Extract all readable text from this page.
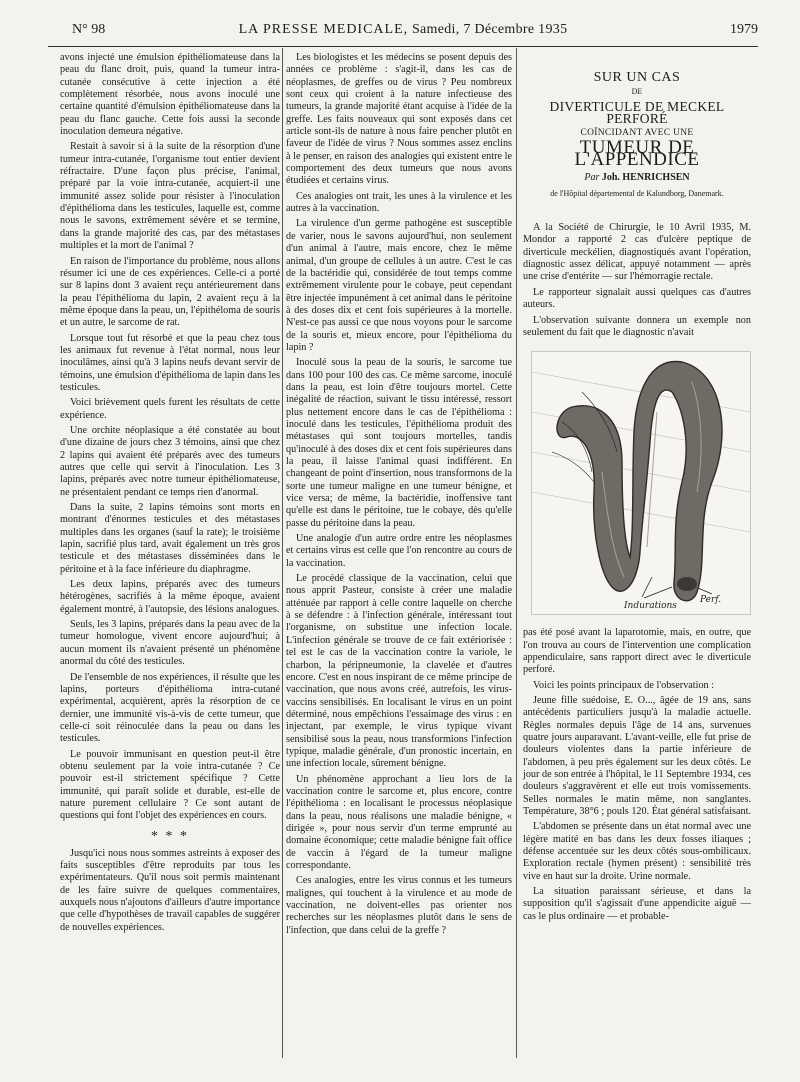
N° 98	LA PRESSE MEDICALE, Samedi, 7 Décembre 1935	1979

avons injecté une émulsion épithéliomateuse dans la peau du flanc droit, puis, quand la tumeur intra-cutanée consécutive à cette injection a été complètement résorbée, nous avons inoculé une certaine quantité d'émulsion épithéliomateuse dans la peau du flanc gauche. Cette fois aussi la seconde inoculation demeura négative.

Restait à savoir si à la suite de la résorption d'une tumeur intra-cutanée, l'organisme tout entier devient réfractaire. D'une façon plus précise, l'animal, préparé par la voie intra-cutanée, acquiert-il une immunité assez solide pour résister à l'inoculation d'épithélioma dans les testicules, laquelle est, comme nous le savons, extrêmement sévère et se termine, dans la grande majorité des cas, par des métastases multiples et la mort de l'animal ?

En raison de l'importance du problème, nous allons résumer ici une de ces expériences. Celle-ci a porté sur 8 lapins dont 3 avaient reçu antérieurement dans la peau l'épithélioma du lapin, 2 avaient reçu à la même époque dans la peau, un, l'épithéloma de souris et un autre, le sarcome de rat.

Lorsque tout fut résorbé et que la peau chez tous les animaux fut revenue à l'état normal, nous leur inoculâmes, ainsi qu'à 3 lapins neufs devant servir de témoins, une émulsion d'épithélioma de lapin dans les testicules.

Voici brièvement quels furent les résultats de cette expérience.

Une orchite néoplasique a été constatée au bout d'une dizaine de jours chez 3 témoins, ainsi que chez 2 lapins qui avaient été préparés avec des tumeurs autres que celle qui servit à l'inoculation. Les 3 lapins, préparés avec notre tumeur épithéliomateuse, ne présentaient pendant ce temps rien d'anormal.

Dans la suite, 2 lapins témoins sont morts en montrant d'énormes testicules et des métastases multiples dans les organes (sauf la rate); le troisième lapin, sacrifié plus tard, avait également un très gros testicule et des métastases disséminées dans le péritoine et à la face inférieure du diaphragme.

Les deux lapins, préparés avec des tumeurs hétérogènes, sacrifiés à la même époque, avaient également montré, à l'autopsie, des lésions analogues.

Seuls, les 3 lapins, préparés dans la peau avec de la tumeur homologue, vivent encore aujourd'hui; à aucun moment ils n'avaient présenté un phénomène anormal du côté des testicules.

De l'ensemble de nos expériences, il résulte que les lapins, porteurs d'épithélioma intra-cutané expérimental, acquièrent, après la résorption de ce dernier, une immunité vis-à-vis de cette tumeur, que celle-ci soit réinoculée dans la peau ou dans les testicules.

Le pouvoir immunisant en question peut-il être obtenu seulement par la voie intra-cutanée ? Ce pouvoir est-il strictement spécifique ? Cette immunité, qui paraît solide et durable, est-elle de nature purement cellulaire ? Ce sont autant de questions qui font l'objet des expériences en cours.

* * *

Jusqu'ici nous nous sommes astreints à exposer des faits susceptibles d'être reproduits par tous les expérimentateurs. Qu'il nous soit permis maintenant de les faire suivre de quelques commentaires, auxquels nous n'ajoutons d'ailleurs d'autre importance que celle d'hypothèses de travail capables de suggérer de nouvelles expériences.

Les biologistes et les médecins se posent depuis des années ce problème : s'agit-il, dans les cas de néoplasmes, de greffes ou de virus ? Peu nombreux sont ceux qui croient à la nature infectieuse des tumeurs, la grande majorité étant acquise à l'idée de la greffe. Les faits nouveaux qui sont exposés dans cet article sont-ils de nature à nous faire pencher plutôt en faveur de l'idée de virus ? Nous sommes assez enclins à le penser, en raison des analogies qui existent entre le comportement des deux tumeurs que nous avons étudiées et certains virus.

Ces analogies ont trait, les unes à la virulence et les autres à la vaccination.

La virulence d'un germe pathogène est susceptible de varier, nous le savons aujourd'hui, non seulement d'un animal à l'autre, mais encore, chez le même animal, d'un groupe de cellules à un autre. C'est le cas de la bactéridie qui, considérée de tout temps comme extrêmement virulente pour le cobaye, peut cependant être injectée impunément à cet animal dans le péritoine à des doses dix et cent fois supérieures à la mortelle. N'est-ce pas aussi ce que nous voyons pour le sarcome de la souris et, mieux encore, pour l'épithélioma du lapin ?

Inoculé sous la peau de la souris, le sarcome tue dans 100 pour 100 des cas. Ce même sarcome, inoculé dans la peau, est loin d'être toujours mortel. Cette inégalité de réaction, suivant le tissu intéressé, ressort plus nettement encore dans le cas de l'épithélioma : inoculé dans les testicules, l'épithélioma produit des métastases qui sont toujours mortelles, tandis qu'inoculé à des doses dix et cent fois supérieures dans la peau, il laisse l'animal quasi indifférent. En changeant de point d'insertion, nous transformons de la sorte une tumeur maligne en une tumeur bénigne, et vice versa; de même, la bactéridie, inoffensive tant qu'elle est dans le péritoine, tue le cobaye, dès qu'elle passe du péritoine dans la peau.

Une analogie d'un autre ordre entre les néoplasmes et certains virus est celle que l'on rencontre au cours de la vaccination.

Le procédé classique de la vaccination, celui que nous apprit Pasteur, consiste à créer une maladie atténuée par rapport à celle contre laquelle on cherche à se défendre : à l'infection générale, intéressant tout l'organisme, on substitue une infection locale. L'infection générale se trouve de ce fait extériorisée : tel est le cas de la vaccination contre la variole, le charbon, la péripneumonie, la clavelée et d'autres encore. C'est en nous inspirant de ce même principe de vaccination, que nous avons créé, autrefois, les virus-vaccins sensibilisés. En localisant le virus en un point déterminé, nous empêchions l'essaimage des virus : en injectant, par exemple, le virus typique vivant sensibilisé sous la peau, nous transformions l'infection typique, maladie générale, d'un pronostic incertain, en une infection locale, sûrement bénigne.

Un phénomène approchant a lieu lors de la vaccination contre le sarcome et, plus encore, contre l'épithélioma : en localisant le processus néoplasique dans la peau, nous réalisons une maladie bénigne, « dirigée », pour nous servir d'un terme emprunté au domaine économique; cette maladie bénigne fait office de vaccin à l'égard de la tumeur maligne correspondante.

Ces analogies, entre les virus connus et les tumeurs malignes, qui touchent à la virulence et au mode de vaccination, ne doivent-elles pas orienter nos recherches sur les néoplasmes plutôt dans le sens de l'infection, que dans celui de la greffe ?

SUR UN CAS
DE
DIVERTICULE DE MECKEL PERFORÉ
COÏNCIDANT AVEC UNE
TUMEUR DE L'APPENDICE
Par Joh. HENRICHSEN
de l'Hôpital départemental de Kalundborg, Danemark.

A la Société de Chirurgie, le 10 Avril 1935, M. Mondor a rapporté 2 cas d'ulcère peptique de diverticule meckélien, diagnostiqués avant l'opération, diagnostic assez délicat, appuyé notamment — après une crise d'entérite — sur l'hémorragie rectale.

Le rapporteur signalait aussi quelques cas d'autres auteurs.

L'observation suivante donnera un exemple non seulement du fait que le diagnostic n'avait

Perf.
Indurations

pas été posé avant la laparotomie, mais, en outre, que l'on trouva au cours de l'intervention une complication appendiculaire, sans rapport direct avec le diverticule perforé.

Voici les points principaux de l'observation :

Jeune fille suédoise, E. O..., âgée de 19 ans, sans antécédents particuliers jusqu'à la maladie actuelle. Règles normales depuis l'âge de 14 ans, survenues quatre jours auparavant. L'avant-veille, elle fut prise de douleurs violentes dans la partie inférieure de l'abdomen, à peu près également sur les deux côtés. Le jour de son entrée à l'hôpital, le 11 Septembre 1934, ces douleurs s'aggravèrent et elle eut trois vomissements. Selles normales le matin même, non sanglantes. Température, 38°6 ; pouls 120. État général satisfaisant.

L'abdomen se présente dans un état normal avec une légère matité en bas dans les deux fosses iliaques ; défense accentuée sur les deux côtés sous-ombilicaux. Exploration rectale (hymen présent) : sensibilité très vive en haut sur la droite. Urine normale.

La situation paraissant sérieuse, et dans la supposition qu'il s'agissait d'une appendicite aiguë — cas le plus ordinaire — et probable-
